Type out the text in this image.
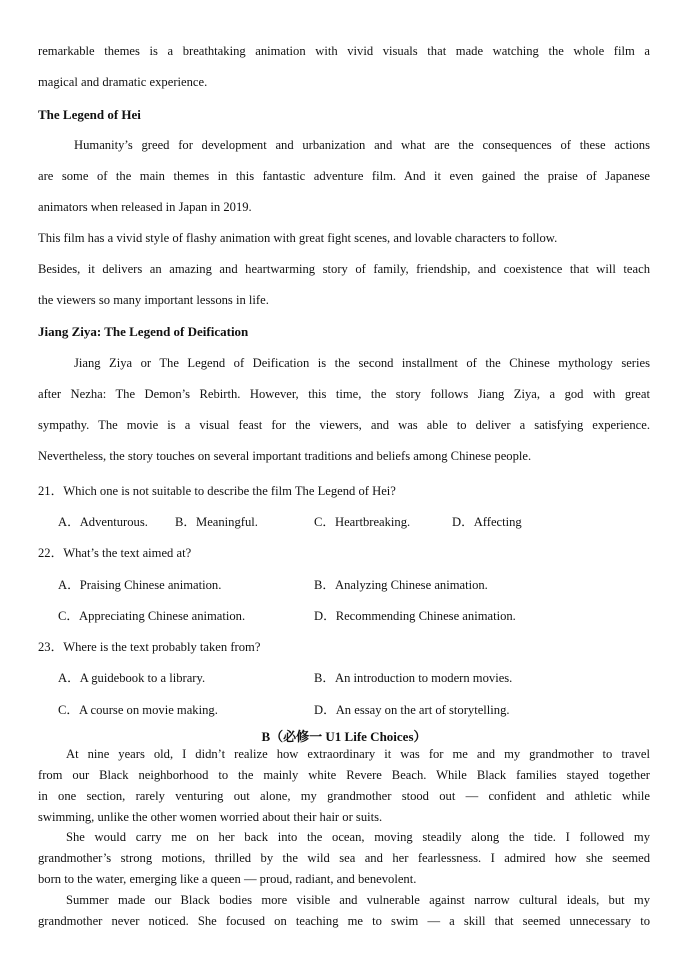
remarkable themes is a breathtaking animation with vivid visuals that made watching the whole film a
magical and dramatic experience.
The Legend of Hei
Humanity’s greed for development and urbanization and what are the consequences of these actions
are some of the main themes in this fantastic adventure film. And it even gained the praise of Japanese
animators when released in Japan in 2019.
This film has a vivid style of flashy animation with great fight scenes, and lovable characters to follow.
Besides, it delivers an amazing and heartwarming story of family, friendship, and coexistence that will teach
the viewers so many important lessons in life.
Jiang Ziya: The Legend of Deification
Jiang Ziya or The Legend of Deification is the second installment of the Chinese mythology series
after Nezha: The Demon’s Rebirth. However, this time, the story follows Jiang Ziya, a god with great
sympathy. The movie is a visual feast for the viewers, and was able to deliver a satisfying experience.
Nevertheless, the story touches on several important traditions and beliefs among Chinese people.
21．Which one is not suitable to describe the film The Legend of Hei?
A．Adventurous. B．Meaningful.	C．Heartbreaking.	D．Affecting
22．What’s the text aimed at?
A．Praising Chinese animation.	B．Analyzing Chinese animation.
C．Appreciating Chinese animation.	D．Recommending Chinese animation.
23．Where is the text probably taken from?
A．A guidebook to a library.	B．An introduction to modern movies.
C．A course on movie making.	D．An essay on the art of storytelling.
B（必修一 U1 Life Choices）
At nine years old, I didn’t realize how extraordinary it was for me and my grandmother to travel
from our Black neighborhood to the mainly white Revere Beach. While Black families stayed together
in one section, rarely venturing out alone, my grandmother stood out — confident and athletic while
swimming, unlike the other women worried about their hair or suits.
She would carry me on her back into the ocean, moving steadily along the tide. I followed my
grandmother’s strong motions, thrilled by the wild sea and her fearlessness. I admired how she seemed
born to the water, emerging like a queen — proud, radiant, and benevolent.
Summer made our Black bodies more visible and vulnerable against narrow cultural ideals, but my
grandmother never noticed. She focused on teaching me to swim — a skill that seemed unnecessary to
